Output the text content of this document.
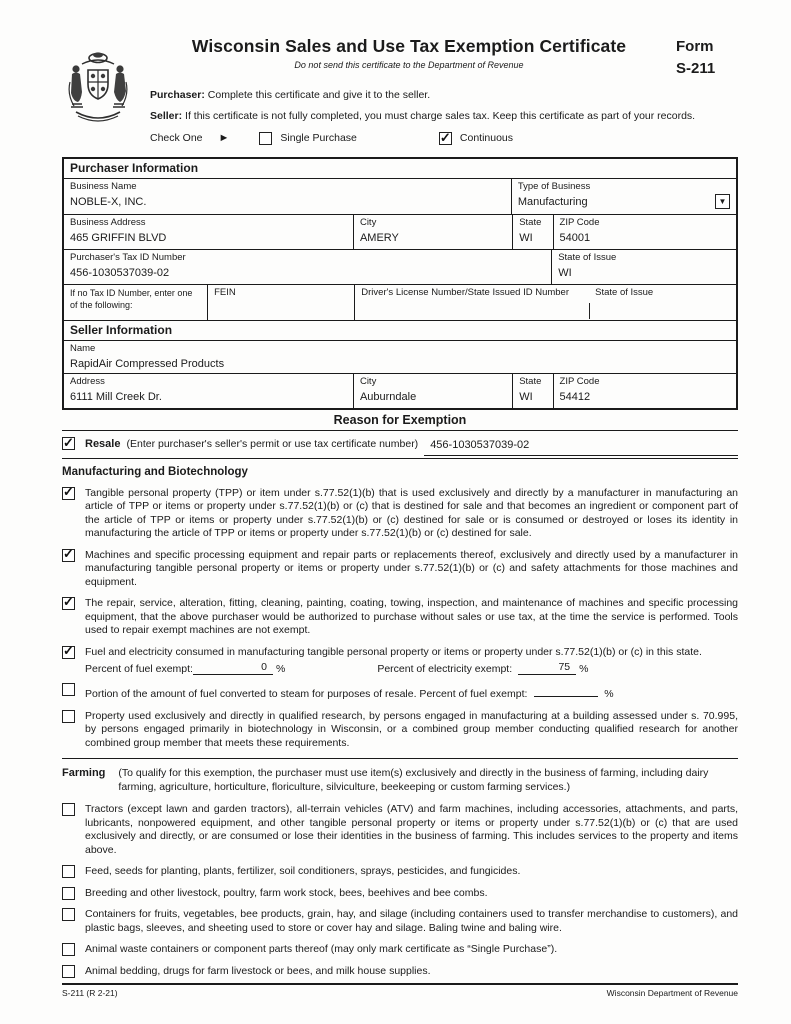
Wisconsin Sales and Use Tax Exemption Certificate
Do not send this certificate to the Department of Revenue
Form
S-211
Purchaser: Complete this certificate and give it to the seller.
Seller: If this certificate is not fully completed, you must charge sales tax. Keep this certificate as part of your records.
Check One ►	Single Purchase ✓	Continuous
Purchaser Information
Business Name
NOBLE-X, INC.
Type of Business
Manufacturing	▼
Business Address
465 GRIFFIN BLVD
City
AMERY
State
WI
ZIP Code
54001
Purchaser's Tax ID Number
456-1030537039-02
State of Issue
WI
If no Tax ID Number, enter one of the following:
FEIN	Driver's License Number/State Issued ID Number	State of Issue
Seller Information
Name
RapidAir Compressed Products
Address
6111 Mill Creek Dr.
City
Auburndale
State
WI
ZIP Code
54412
Reason for Exemption
✓
Resale (Enter purchaser's seller's permit or use tax certificate number)	456-1030537039-02
Manufacturing and Biotechnology
✓
Tangible personal property (TPP) or item under s.77.52(1)(b) that is used exclusively and directly by a manufacturer in manufacturing an article of TPP or items or property under s.77.52(1)(b) or (c) that is destined for sale and that becomes an ingredient or component part of the article of TPP or items or property under s.77.52(1)(b) or (c) destined for sale or is consumed or destroyed or loses its identity in manufacturing the article of TPP or items or property under s.77.52(1)(b) or (c) destined for sale.
✓
Machines and specific processing equipment and repair parts or replacements thereof, exclusively and directly used by a manufacturer in manufacturing tangible personal property or items or property under s.77.52(1)(b) or (c) and safety attachments for those machines and equipment.
✓
The repair, service, alteration, fitting, cleaning, painting, coating, towing, inspection, and maintenance of machines and specific processing equipment, that the above purchaser would be authorized to purchase without sales or use tax, at the time the service is performed. Tools used to repair exempt machines are not exempt.
✓
Fuel and electricity consumed in manufacturing tangible personal property or items or property under s.77.52(1)(b) or (c) in this state.
Percent of fuel exempt:	0 %	Percent of electricity exempt:	75 %
Portion of the amount of fuel converted to steam for purposes of resale. Percent of fuel exempt:	%
Property used exclusively and directly in qualified research, by persons engaged in manufacturing at a building assessed under s. 70.995, by persons engaged primarily in biotechnology in Wisconsin, or a combined group member conducting qualified research for another combined group member that meets these requirements.
Farming (To qualify for this exemption, the purchaser must use item(s) exclusively and directly in the business of farming, including dairy farming, agriculture, horticulture, floriculture, silviculture, beekeeping or custom farming services.)
Tractors (except lawn and garden tractors), all-terrain vehicles (ATV) and farm machines, including accessories, attachments, and parts, lubricants, nonpowered equipment, and other tangible personal property or items or property under s.77.52(1)(b) or (c) that are used exclusively and directly, or are consumed or lose their identities in the business of farming. This includes services to the property and items above.
Feed, seeds for planting, plants, fertilizer, soil conditioners, sprays, pesticides, and fungicides.
Breeding and other livestock, poultry, farm work stock, bees, beehives and bee combs.
Containers for fruits, vegetables, bee products, grain, hay, and silage (including containers used to transfer merchandise to customers), and plastic bags, sleeves, and sheeting used to store or cover hay and silage. Baling twine and baling wire.
Animal waste containers or component parts thereof (may only mark certificate as “Single Purchase”).
Animal bedding, drugs for farm livestock or bees, and milk house supplies.
S-211 (R 2-21)	Wisconsin Department of Revenue
